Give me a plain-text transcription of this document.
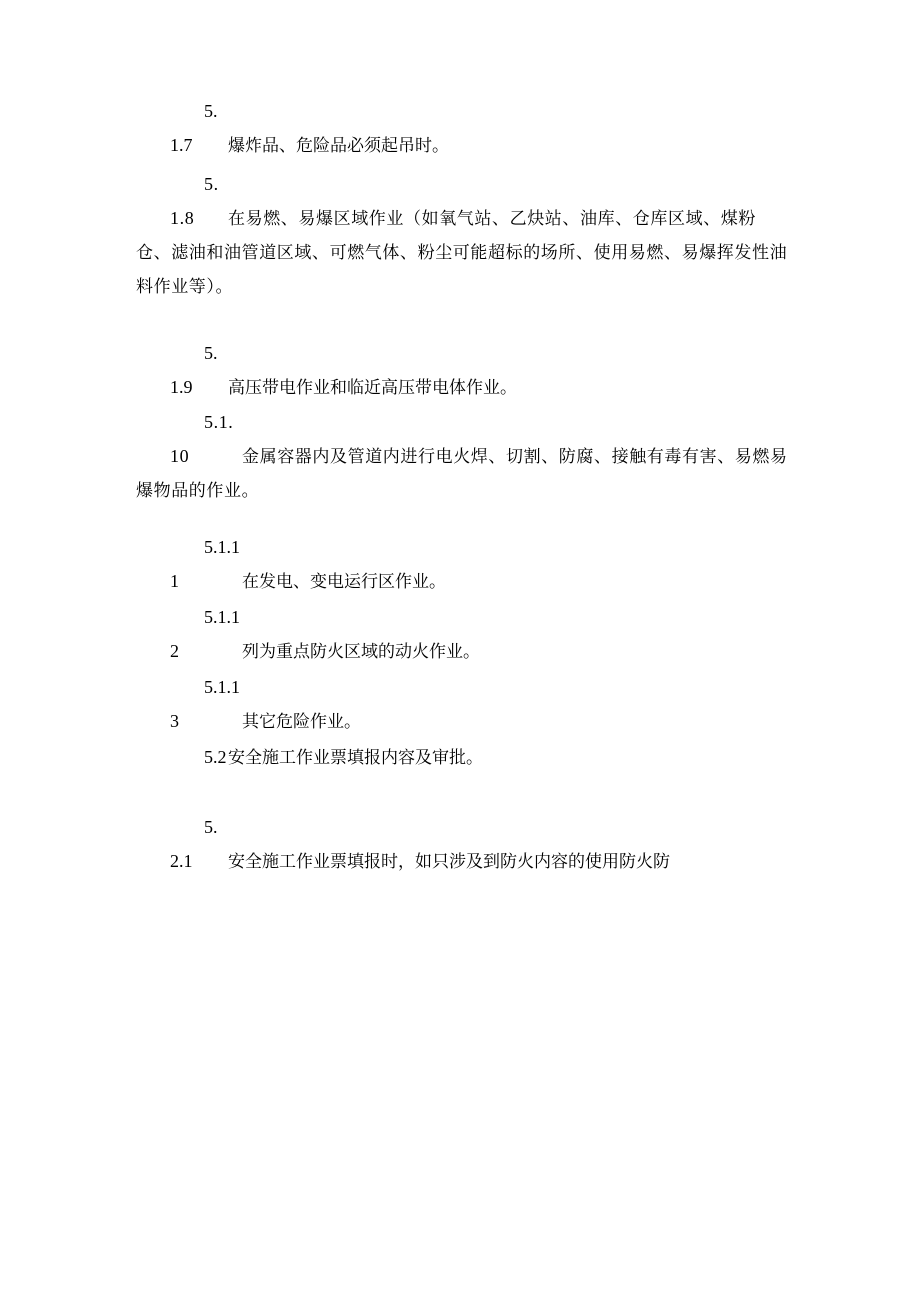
5.1.7 爆炸品、危险品必须起吊时。

5.1.8 在易燃、易爆区域作业（如氧气站、乙炔站、油库、仓库区域、煤粉仓、滤油和油管道区域、可燃气体、粉尘可能超标的场所、使用易燃、易爆挥发性油料作业等）。

5.1.9 高压带电作业和临近高压带电体作业。

5.1.10	金属容器内及管道内进行电火焊、切割、防腐、接触有毒有害、易燃易爆物品的作业。

5.1.11	在发电、变电运行区作业。

5.1.12	列为重点防火区域的动火作业。

5.1.13	其它危险作业。

5.2安全施工作业票填报内容及审批。

5.2.1 安全施工作业票填报时，如只涉及到防火内容的使用防火防
